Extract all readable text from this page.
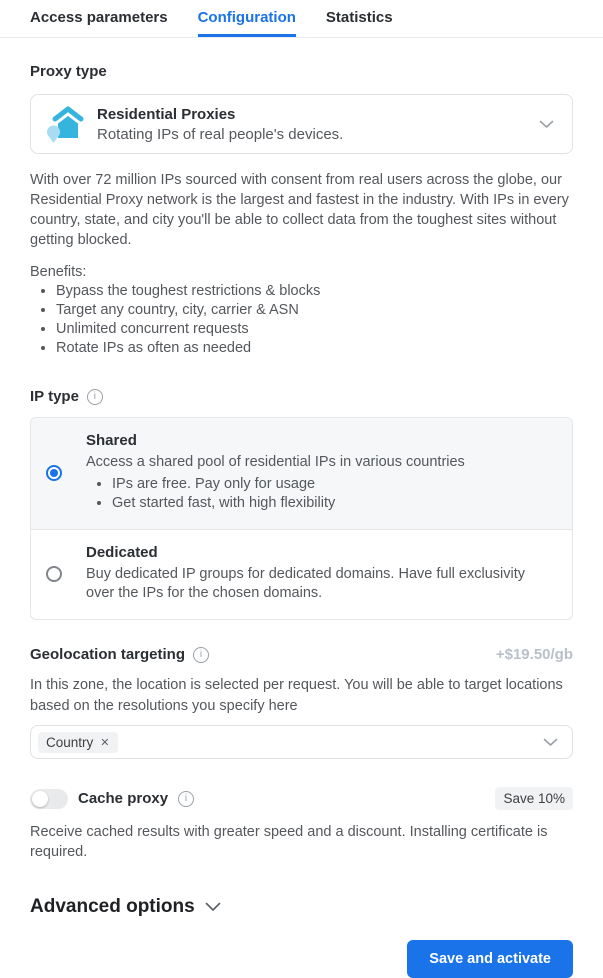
Access parameters Configuration Statistics
Proxy type
Residential Proxies
Rotating IPs of real people's devices.
With over 72 million IPs sourced with consent from real users across the globe, our Residential Proxy network is the largest and fastest in the industry. With IPs in every country, state, and city you'll be able to collect data from the toughest sites without getting blocked.
Benefits:
• Bypass the toughest restrictions & blocks
• Target any country, city, carrier & ASN
• Unlimited concurrent requests
• Rotate IPs as often as needed
IP type	i
Shared
Access a shared pool of residential IPs in various countries
• IPs are free. Pay only for usage
• Get started fast, with high flexibility
Dedicated
Buy dedicated IP groups for dedicated domains. Have full exclusivity over the IPs for the chosen domains.
Geolocation targeting	i	+$19.50/gb
In this zone, the location is selected per request. You will be able to target locations based on the resolutions you specify here
Country ✕
Cache proxy	i	Save 10%
Receive cached results with greater speed and a discount. Installing certificate is required.
Advanced options
Save and activate
